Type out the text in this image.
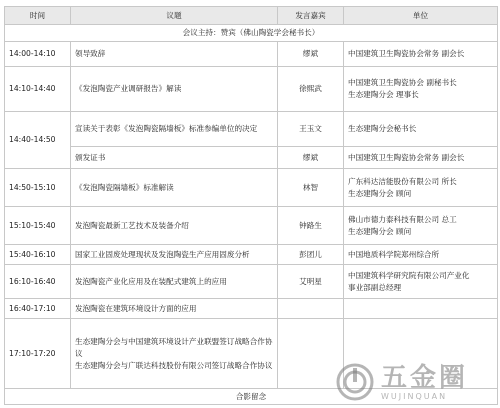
时间	议题	发言嘉宾	单位
会议主持：赞宾（佛山陶瓷学会秘书长）			
14:00-14:10	领导致辞	缪斌	中国建筑卫生陶瓷协会常务 副会长
14:10-14:40	《发泡陶瓷产业调研报告》解读	徐熙武	中国建筑卫生陶瓷协会 副秘书长
生态建陶分会 理事长

14:40-14:50	宣读关于表彰《发泡陶瓷隔墙板》标准参编单位的决定	王玉文	生态建陶分会秘书长
	颁发证书	缪斌	中国建筑卫生陶瓷协会常务 副会长
14:50-15:10	《发泡陶瓷隔墙板》标准解读	林智	广东科达洁能股份有限公司 所长
生态建陶分会 顾问

15:10-15:40	发泡陶瓷最新工艺技术及装备介绍	钟路生	佛山市德力泰科技有限公司 总工
生态建陶分会 顾问

15:40-16:10	国家工业固废处理现状及发泡陶瓷生产应用固废分析	彭团儿	中国地质科学院郑州综合所
16:10-16:40	发泡陶瓷产业化应用及在装配式建筑上的应用	艾明星	中国建筑科学研究院有限公司产业化
事业部副总经理

16:40-17:10	发泡陶瓷在建筑环境设计方面的应用		
17:10-17:20	生态建陶分会与中国建筑环境设计产业联盟签订战略合作协议
生态建陶分会与广联达科技股份有限公司签订战略合作协议		

合影留念			
五金圈
WUJINQUAN
